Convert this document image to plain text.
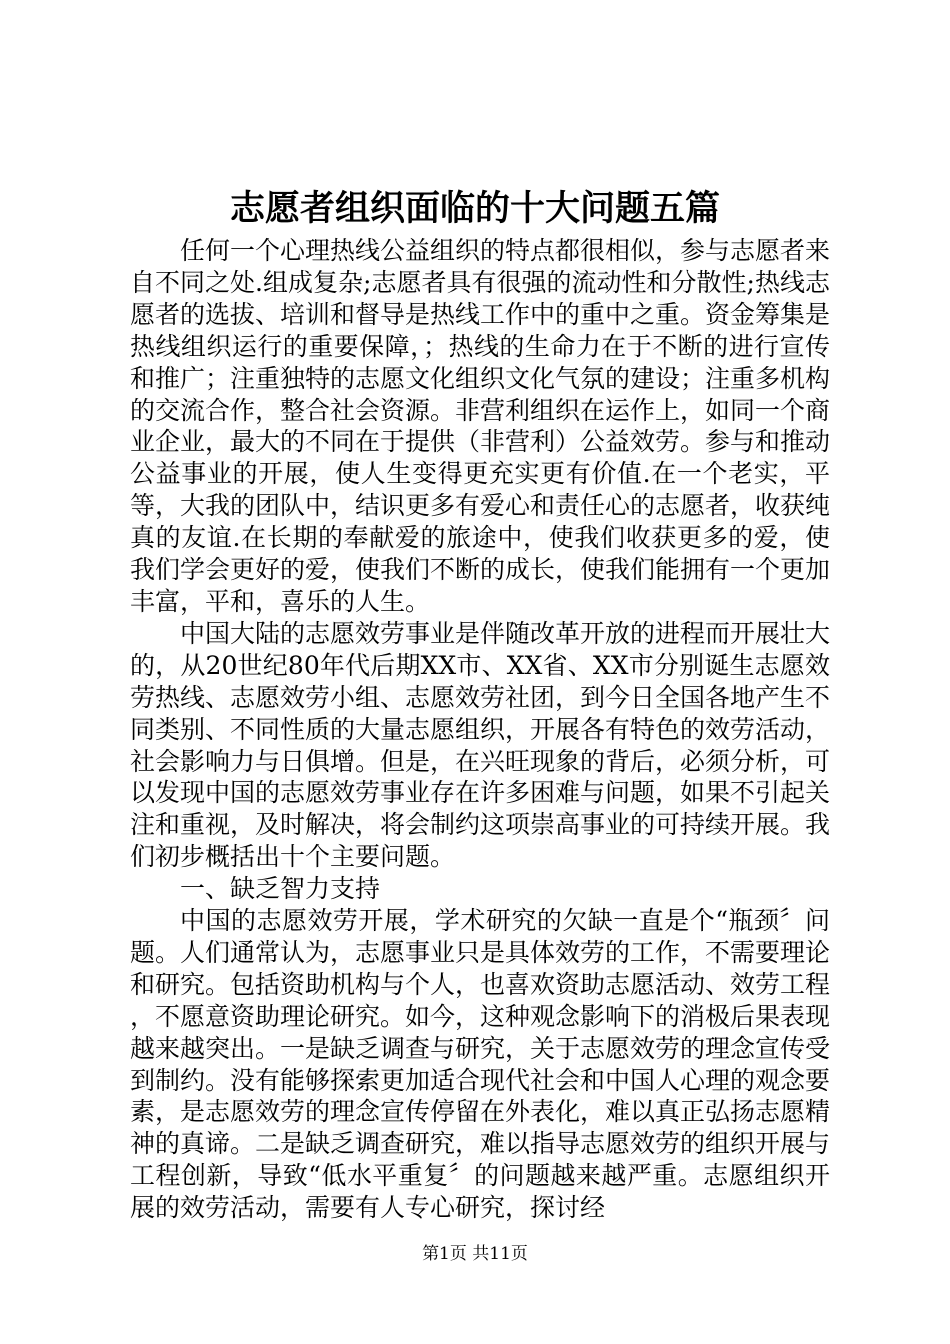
志愿者组织面临的十大问题五篇

任何一个心理热线公益组织的特点都很相似，参与志愿者来自不同之处.组成复杂;志愿者具有很强的流动性和分散性;热线志愿者的选拔、培训和督导是热线工作中的重中之重。资金筹集是热线组织运行的重要保障，；热线的生命力在于不断的进行宣传和推广；注重独特的志愿文化组织文化气氛的建设；注重多机构的交流合作，整合社会资源。非营利组织在运作上，如同一个商业企业，最大的不同在于提供（非营利）公益效劳。参与和推动公益事业的开展，使人生变得更充实更有价值.在一个老实，平等，大我的团队中，结识更多有爱心和责任心的志愿者，收获纯真的友谊.在长期的奉献爱的旅途中，使我们收获更多的爱，使我们学会更好的爱，使我们不断的成长，使我们能拥有一个更加丰富，平和，喜乐的人生。

中国大陆的志愿效劳事业是伴随改革开放的进程而开展壮大的，从20世纪80年代后期XX市、XX省、XX市分别诞生志愿效劳热线、志愿效劳小组、志愿效劳社团，到今日全国各地产生不同类别、不同性质的大量志愿组织，开展各有特色的效劳活动，社会影响力与日俱增。但是，在兴旺现象的背后，必须分析，可以发现中国的志愿效劳事业存在许多困难与问题，如果不引起关注和重视，及时解决，将会制约这项崇高事业的可持续开展。我们初步概括出十个主要问题。

一、缺乏智力支持

中国的志愿效劳开展，学术研究的欠缺一直是个“瓶颈〞问题。人们通常认为，志愿事业只是具体效劳的工作，不需要理论和研究。包括资助机构与个人，也喜欢资助志愿活动、效劳工程，不愿意资助理论研究。如今，这种观念影响下的消极后果表现越来越突出。一是缺乏调查与研究，关于志愿效劳的理念宣传受到制约。没有能够探索更加适合现代社会和中国人心理的观念要素，是志愿效劳的理念宣传停留在外表化，难以真正弘扬志愿精神的真谛。二是缺乏调查研究，难以指导志愿效劳的组织开展与工程创新，导致“低水平重复〞的问题越来越严重。志愿组织开展的效劳活动，需要有人专心研究，探讨经

第1页 共11页
